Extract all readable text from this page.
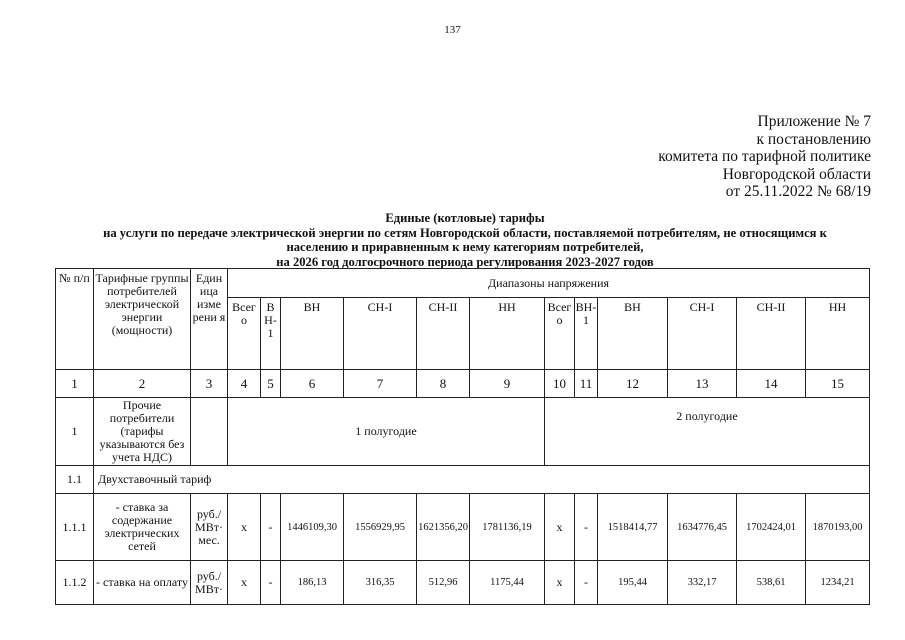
137
Приложение № 7
к постановлению
комитета по тарифной политике
Новгородской области
от 25.11.2022 № 68/19
Единые (котловые) тарифы
на услуги по передаче электрической энергии по сетям Новгородской области, поставляемой потребителям, не относящимся к
населению и приравненным к нему категориям потребителей,
на 2026 год долгосрочного периода регулирования 2023-2027 годов
№ п/п	Тарифные группы потребителей электрической энергии (мощности)	Един ица изме рени я	Диапазоны напряжения											
			Всег о	В Н- 1	ВН	СН-I	СН-II	НН	Всег о	ВН- 1	ВН	СН-I	СН-II	НН
1	2	3	4	5	6	7	8	9	10	11	12	13	14	15
1	Прочие потребители (тарифы указываются без учета НДС)		1 полугодие						2 полугодие					
1.1	Двухставочный тариф													
1.1.1	- ставка за содержание электрических сетей	руб./ МВт· мес.	x	-	1446109,30	1556929,95	1621356,20	1781136,19	x	-	1518414,77	1634776,45	1702424,01	1870193,00
1.1.2	- ставка на оплату	руб./ МВт·	x	-	186,13	316,35	512,96	1175,44	x	-	195,44	332,17	538,61	1234,21
